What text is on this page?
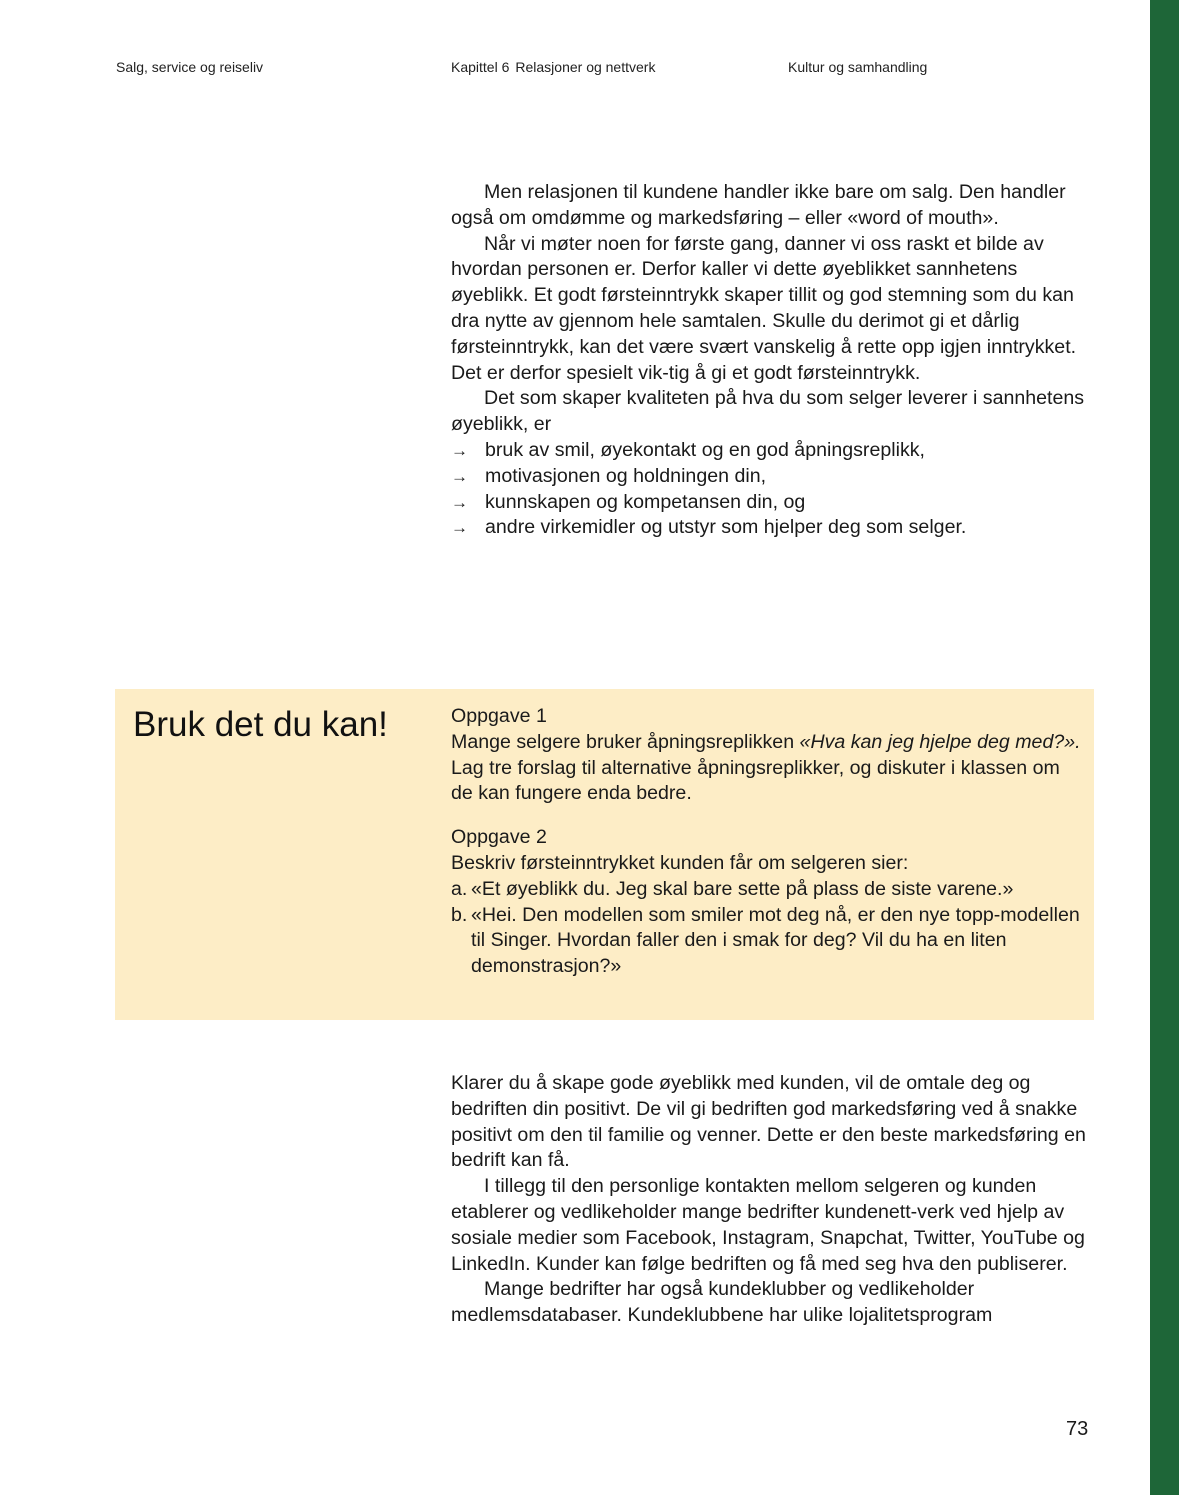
Salg, service og reiseliv	Kapittel 6 Relasjoner og nettverk	Kultur og samhandling

Men relasjonen til kundene handler ikke bare om salg. Den handler også om omdømme og markedsføring – eller «word of mouth».

Når vi møter noen for første gang, danner vi oss raskt et bilde av hvordan personen er. Derfor kaller vi dette øyeblikket sannhetens øyeblikk. Et godt førsteinntrykk skaper tillit og god stemning som du kan dra nytte av gjennom hele samtalen. Skulle du derimot gi et dårlig førsteinntrykk, kan det være svært vanskelig å rette opp igjen inntrykket. Det er derfor spesielt vik-tig å gi et godt førsteinntrykk.

Det som skaper kvaliteten på hva du som selger leverer i sannhetens øyeblikk, er

→ bruk av smil, øyekontakt og en god åpningsreplikk,
→ motivasjonen og holdningen din,
→ kunnskapen og kompetansen din, og
→ andre virkemidler og utstyr som hjelper deg som selger.
Bruk det du kan!	Oppgave 1

Mange selgere bruker åpningsreplikken «Hva kan jeg hjelpe deg med?». Lag tre forslag til alternative åpningsreplikker, og diskuter i klassen om de kan fungere enda bedre.

Oppgave 2

Beskriv førsteinntrykket kunden får om selgeren sier:

a. «Et øyeblikk du. Jeg skal bare sette på plass de siste varene.»
b. «Hei. Den modellen som smiler mot deg nå, er den nye topp-modellen til Singer. Hvordan faller den i smak for deg? Vil du ha en liten demonstrasjon?»

Klarer du å skape gode øyeblikk med kunden, vil de omtale deg og bedriften din positivt. De vil gi bedriften god markedsføring ved å snakke positivt om den til familie og venner. Dette er den beste markedsføring en bedrift kan få.

I tillegg til den personlige kontakten mellom selgeren og kunden etablerer og vedlikeholder mange bedrifter kundenett-verk ved hjelp av sosiale medier som Facebook, Instagram, Snapchat, Twitter, YouTube og LinkedIn. Kunder kan følge bedriften og få med seg hva den publiserer.

Mange bedrifter har også kundeklubber og vedlikeholder medlemsdatabaser. Kundeklubbene har ulike lojalitetsprogram

73
